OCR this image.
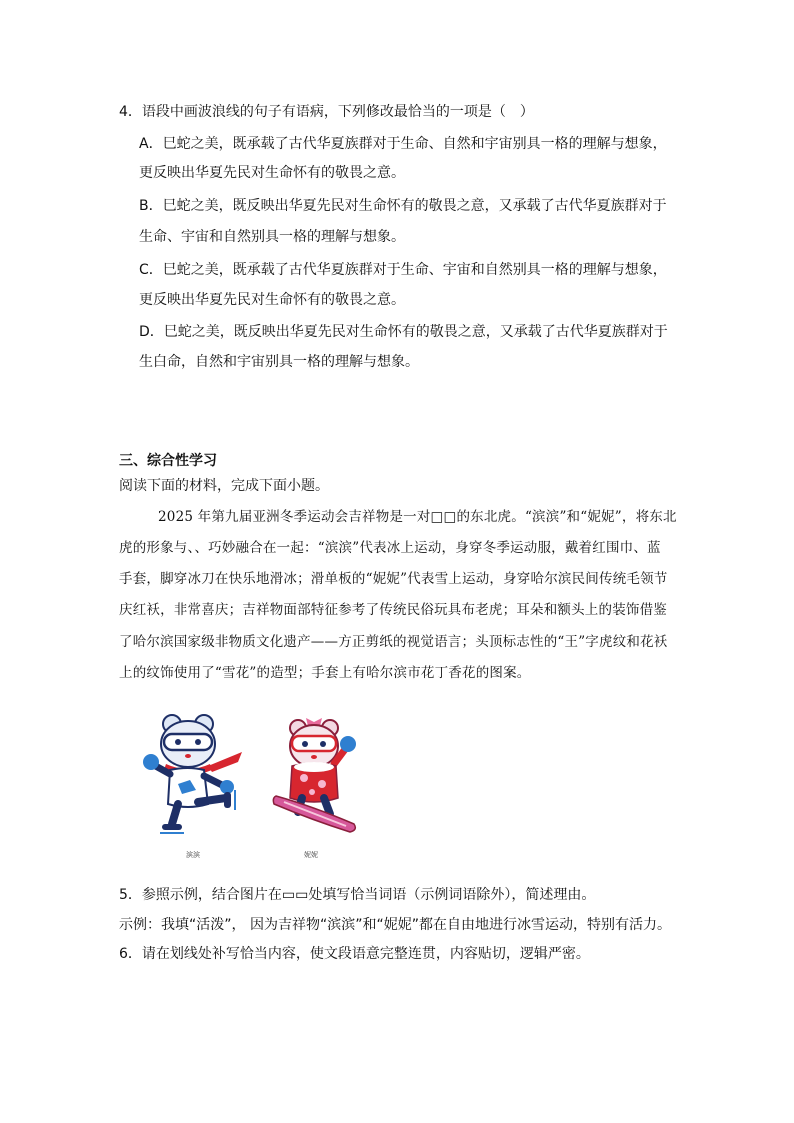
4．语段中画波浪线的句子有语病，下列修改最恰当的一项是（　）
A．巳蛇之美，既承载了古代华夏族群对于生命、自然和宇宙别具一格的理解与想象，
更反映出华夏先民对生命怀有的敬畏之意。
B．巳蛇之美，既反映出华夏先民对生命怀有的敬畏之意，又承载了古代华夏族群对于
生命、宇宙和自然别具一格的理解与想象。
C．巳蛇之美，既承载了古代华夏族群对于生命、宇宙和自然别具一格的理解与想象，
更反映出华夏先民对生命怀有的敬畏之意。
D．巳蛇之美，既反映出华夏先民对生命怀有的敬畏之意，又承载了古代华夏族群对于
生白命，自然和宇宙别具一格的理解与想象。
三、综合性学习
阅读下面的材料，完成下面小题。
2025 年第九届亚洲冬季运动会吉祥物是一对□□的东北虎。“滨滨”和“妮妮”，将东北
虎的形象与、、巧妙融合在一起：“滨滨”代表冰上运动，身穿冬季运动服，戴着红围巾、蓝
手套，脚穿冰刀在快乐地滑冰；滑单板的“妮妮”代表雪上运动，身穿哈尔滨民间传统毛领节
庆红袄，非常喜庆；吉祥物面部特征参考了传统民俗玩具布老虎；耳朵和额头上的装饰借鉴
了哈尔滨国家级非物质文化遗产——方正剪纸的视觉语言；头顶标志性的“王”字虎纹和花袄
上的纹饰使用了“雪花”的造型；手套上有哈尔滨市花丁香花的图案。
滨滨	妮妮
5．参照示例，结合图片在▭▭处填写恰当词语（示例词语除外），简述理由。
示例：我填“活泼”， 因为吉祥物“滨滨”和“妮妮”都在自由地进行冰雪运动，特别有活力。
6．请在划线处补写恰当内容，使文段语意完整连贯，内容贴切，逻辑严密。
